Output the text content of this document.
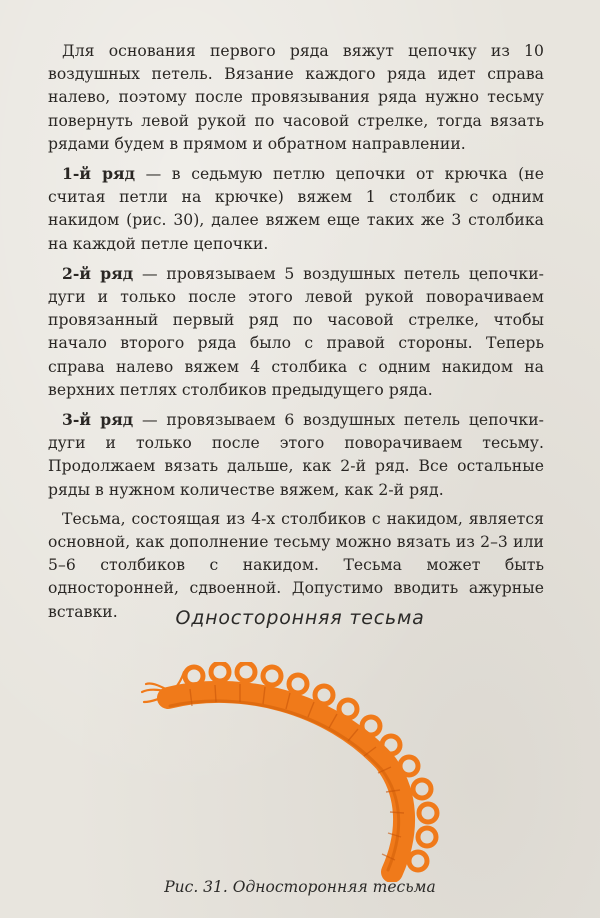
Для основания первого ряда вяжут цепочку из 10 воздушных петель. Вязание каждого ряда идет справа налево, поэтому после провязывания ряда нужно тесьму повернуть левой рукой по часовой стрелке, тогда вязать рядами будем в прямом и обратном направлении.

1-й ряд — в седьмую петлю цепочки от крючка (не считая петли на крючке) вяжем 1 столбик с одним накидом (рис. 30), далее вяжем еще таких же 3 столбика на каждой петле цепочки.

2-й ряд — провязываем 5 воздушных петель цепочки-дуги и только после этого левой рукой поворачиваем провязанный первый ряд по часовой стрелке, чтобы начало второго ряда было с правой стороны. Теперь справа налево вяжем 4 столбика с одним накидом на верхних петлях столбиков предыдущего ряда.

3-й ряд — провязываем 6 воздушных петель цепочки-дуги и только после этого поворачиваем тесьму. Продолжаем вязать дальше, как 2-й ряд. Все остальные ряды в нужном количестве вяжем, как 2-й ряд.

Тесьма, состоящая из 4-х столбиков с накидом, является основной, как дополнение тесьму можно вязать из 2–3 или 5–6 столбиков с накидом. Тесьма может быть односторонней, сдвоенной. Допустимо вводить ажурные вставки.	Односторонняя тесьма
Рис. 31. Односторонняя тесьма
